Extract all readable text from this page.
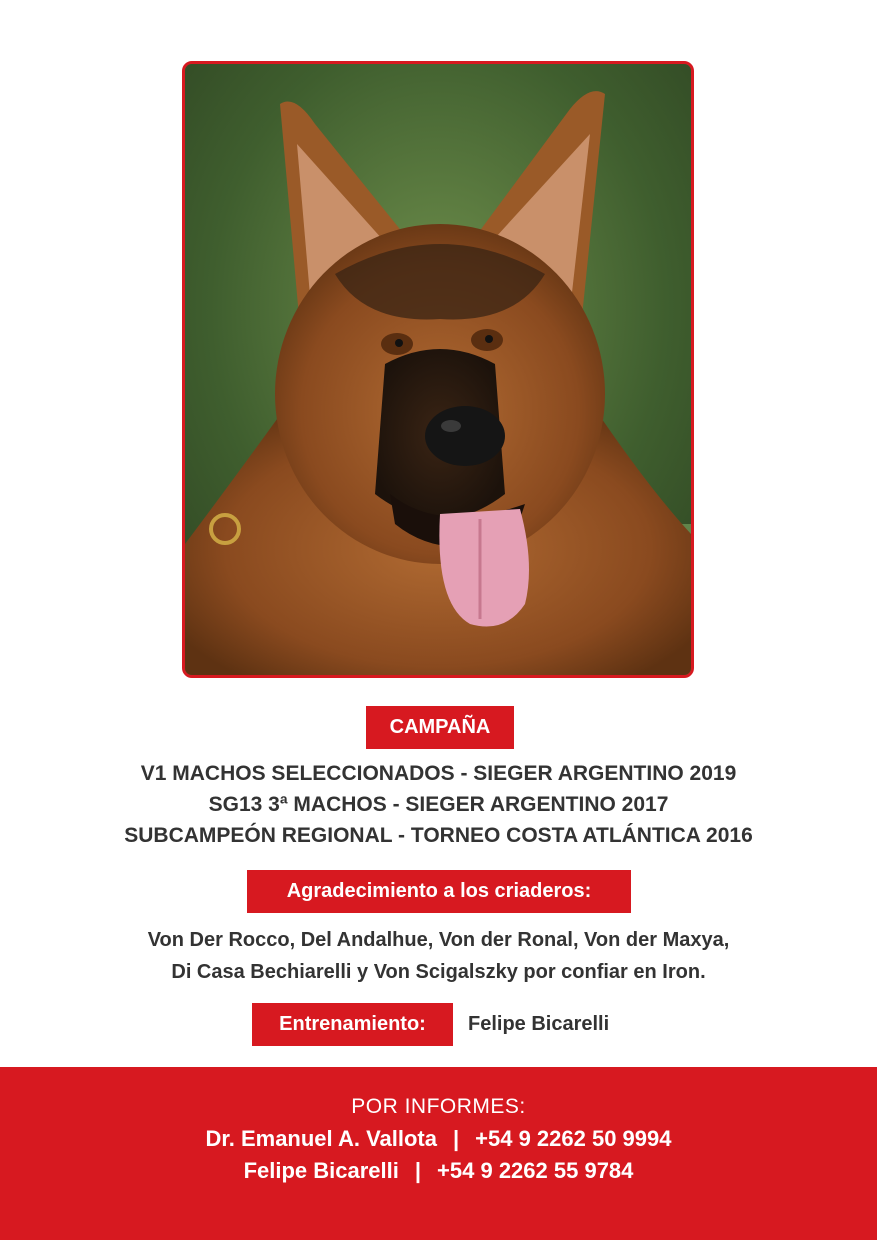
CAMPAÑA
V1 MACHOS SELECCIONADOS - SIEGER ARGENTINO 2019
SG13 3ª MACHOS - SIEGER ARGENTINO 2017
SUBCAMPEÓN REGIONAL - TORNEO COSTA ATLÁNTICA 2016
Agradecimiento a los criaderos:
Von Der Rocco, Del Andalhue, Von der Ronal, Von der Maxya,
Di Casa Bechiarelli y Von Scigalszky por confiar en Iron.
Entrenamiento:	Felipe Bicarelli
POR INFORMES:
Dr. Emanuel A. Vallota | +54 9 2262 50 9994
Felipe Bicarelli | +54 9 2262 55 9784
